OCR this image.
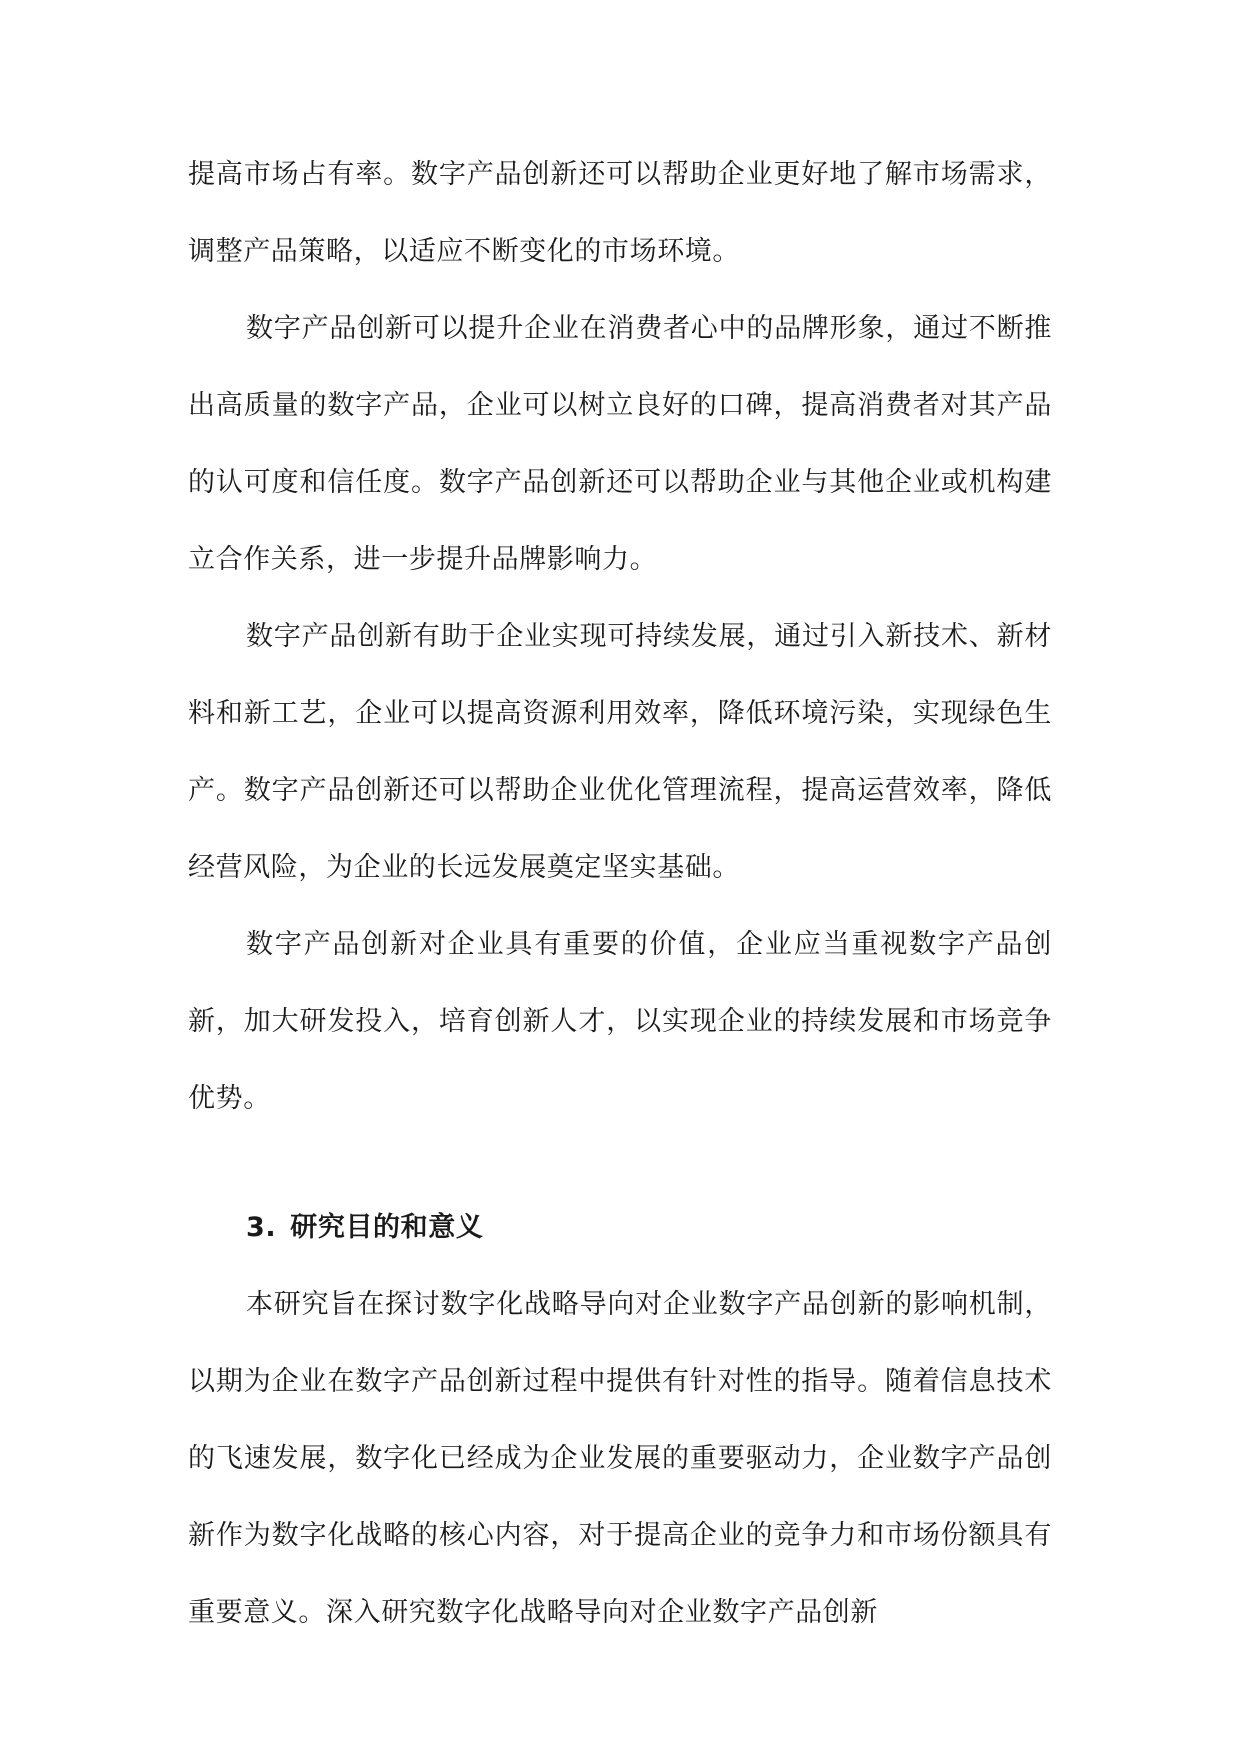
提高市场占有率。数字产品创新还可以帮助企业更好地了解市场需求，调整产品策略，以适应不断变化的市场环境。

数字产品创新可以提升企业在消费者心中的品牌形象，通过不断推出高质量的数字产品，企业可以树立良好的口碑，提高消费者对其产品的认可度和信任度。数字产品创新还可以帮助企业与其他企业或机构建立合作关系，进一步提升品牌影响力。

数字产品创新有助于企业实现可持续发展，通过引入新技术、新材料和新工艺，企业可以提高资源利用效率，降低环境污染，实现绿色生产。数字产品创新还可以帮助企业优化管理流程，提高运营效率，降低经营风险，为企业的长远发展奠定坚实基础。

数字产品创新对企业具有重要的价值，企业应当重视数字产品创新，加大研发投入，培育创新人才，以实现企业的持续发展和市场竞争优势。

3. 研究目的和意义

本研究旨在探讨数字化战略导向对企业数字产品创新的影响机制，以期为企业在数字产品创新过程中提供有针对性的指导。随着信息技术的飞速发展，数字化已经成为企业发展的重要驱动力，企业数字产品创新作为数字化战略的核心内容，对于提高企业的竞争力和市场份额具有重要意义。深入研究数字化战略导向对企业数字产品创新
